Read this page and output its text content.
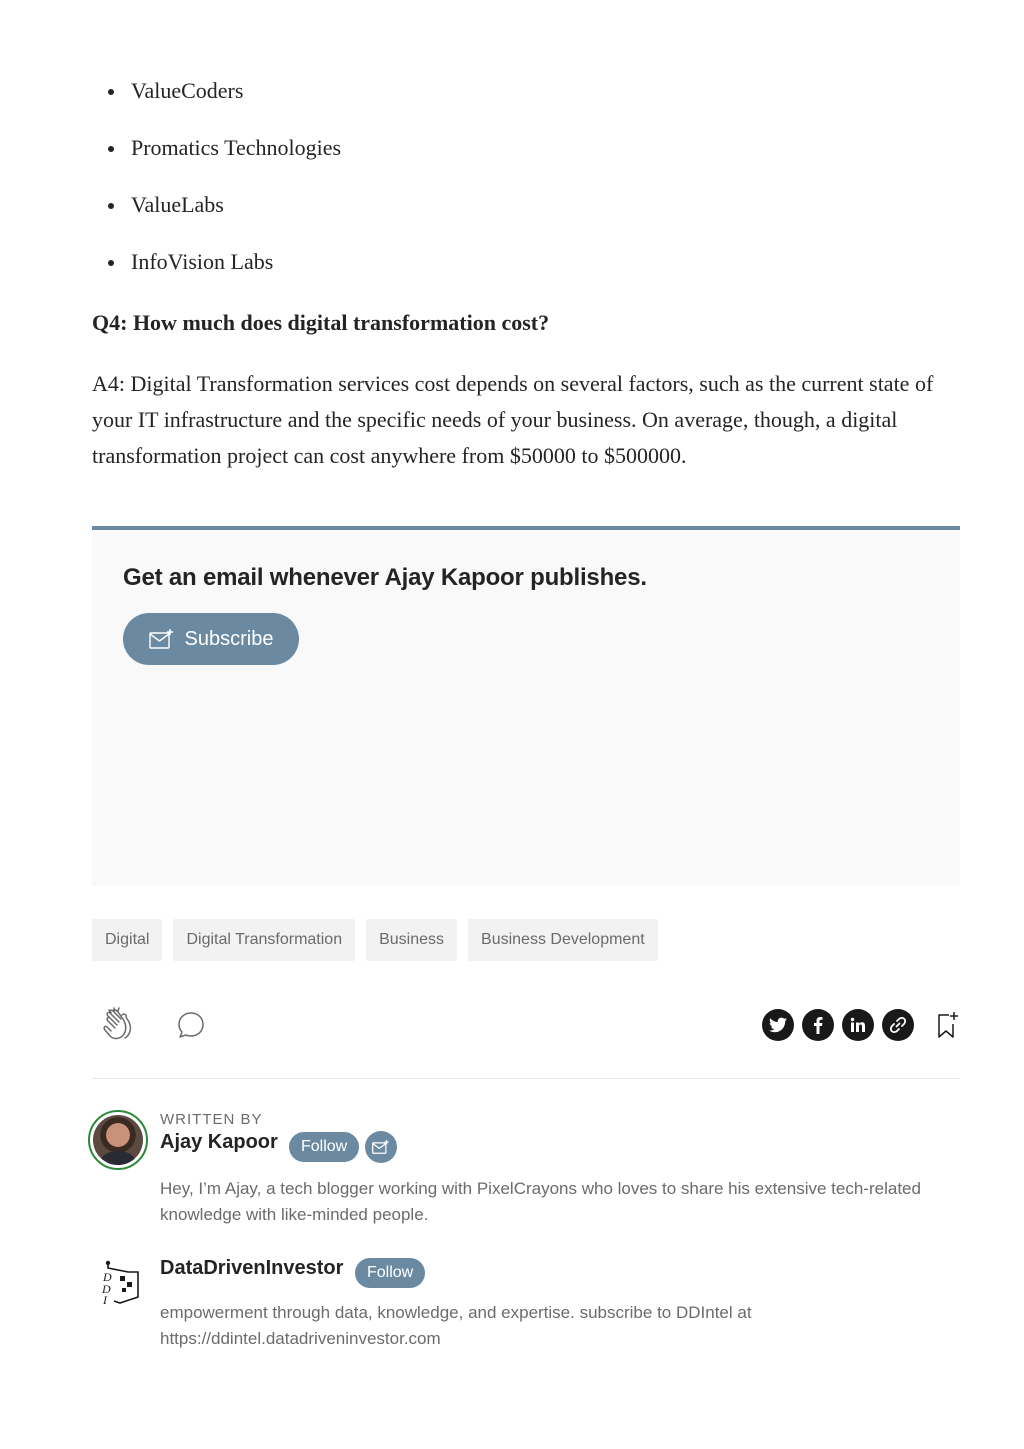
ValueCoders
Promatics Technologies
ValueLabs
InfoVision Labs
Q4: How much does digital transformation cost?

A4: Digital Transformation services cost depends on several factors, such as the current state of your IT infrastructure and the specific needs of your business. On average, though, a digital transformation project can cost anywhere from $50000 to $500000.

Get an email whenever Ajay Kapoor publishes.
Subscribe
Digital	Digital Transformation	Business	Business Development
WRITTEN BY
Ajay Kapoor	Follow

Hey, I’m Ajay, a tech blogger working with PixelCrayons who loves to share his extensive tech-related knowledge with like-minded people.

D
D
I
DataDrivenInvestor	Follow

empowerment through data, knowledge, and expertise. subscribe to DDIntel at https://ddintel.datadriveninvestor.com
